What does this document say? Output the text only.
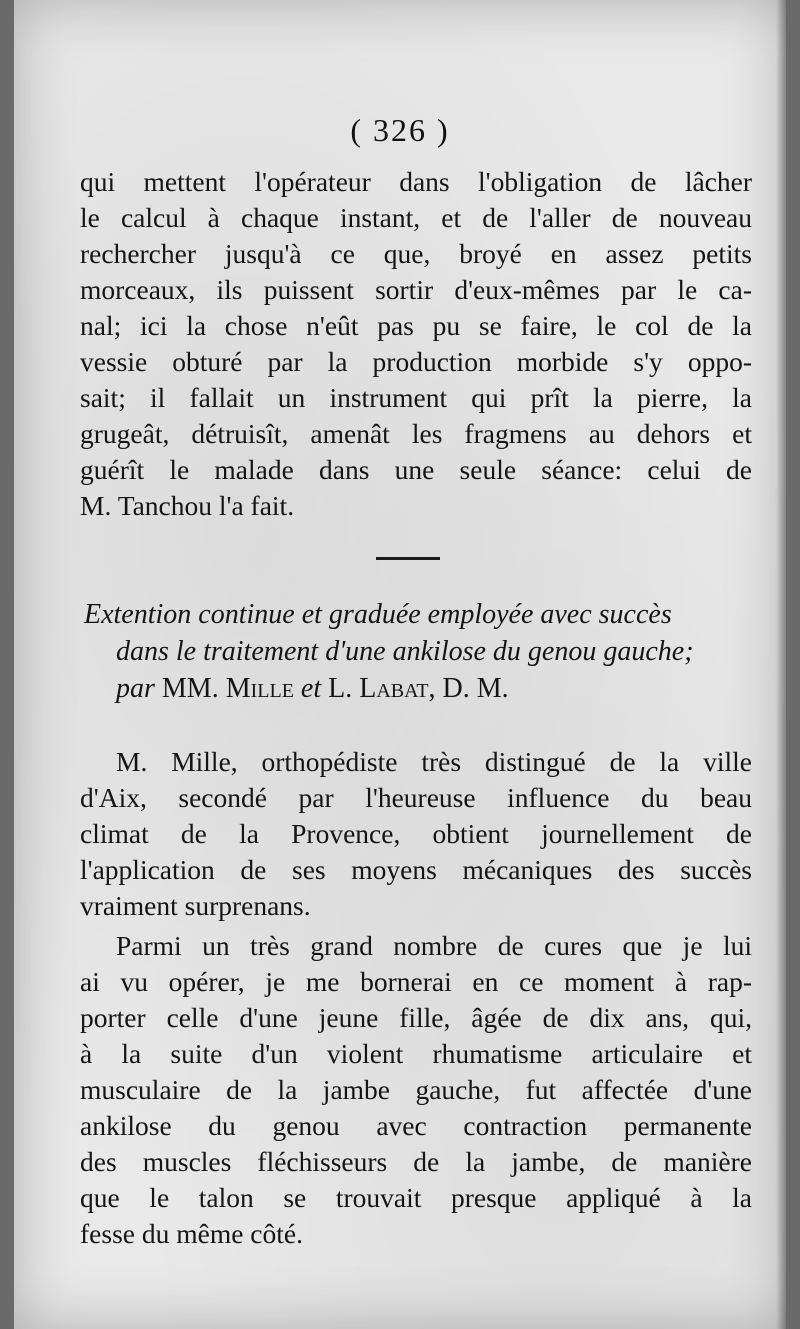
( 326 )
qui mettent l'opérateur dans l'obligation de lâcher
le calcul à chaque instant, et de l'aller de nouveau
rechercher jusqu'à ce que, broyé en assez petits
morceaux, ils puissent sortir d'eux-mêmes par le ca-
nal; ici la chose n'eût pas pu se faire, le col de la
vessie obturé par la production morbide s'y oppo-
sait; il fallait un instrument qui prît la pierre, la
grugeât, détruisît, amenât les fragmens au dehors et
guérît le malade dans une seule séance: celui de
M. Tanchou l'a fait.
Extention continue et graduée employée avec succès
dans le traitement d'une ankilose du genou gauche;
par MM. Mille et L. Labat, D. M.
M. Mille, orthopédiste très distingué de la ville
d'Aix, secondé par l'heureuse influence du beau
climat de la Provence, obtient journellement de
l'application de ses moyens mécaniques des succès
vraiment surprenans.
Parmi un très grand nombre de cures que je lui
ai vu opérer, je me bornerai en ce moment à rap-
porter celle d'une jeune fille, âgée de dix ans, qui,
à la suite d'un violent rhumatisme articulaire et
musculaire de la jambe gauche, fut affectée d'une
ankilose du genou avec contraction permanente
des muscles fléchisseurs de la jambe, de manière
que le talon se trouvait presque appliqué à la
fesse du même côté.
